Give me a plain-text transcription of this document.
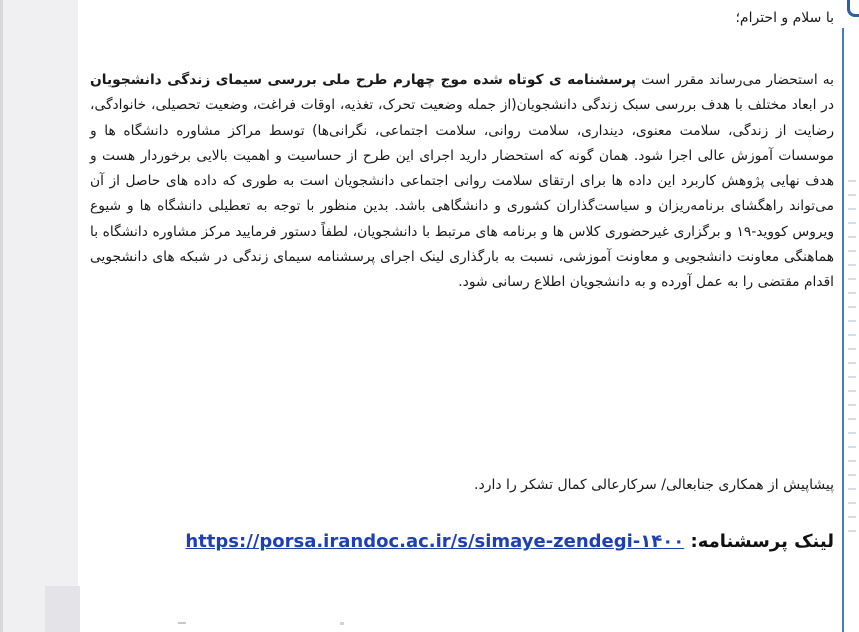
با سلام و احترام؛

به استحضار می‌رساند مقرر است پرسشنامه ی کوتاه شده موج چهارم طرح ملی بررسی سیمای زندگی دانشجویان در ابعاد مختلف با هدف بررسی سبک زندگی دانشجویان(از جمله وضعیت تحرک، تغذیه، اوقات فراغت، وضعیت تحصیلی، خانوادگی، رضایت از زندگی، سلامت معنوی، دینداری، سلامت روانی، سلامت اجتماعی، نگرانی‌ها) توسط مراکز مشاوره دانشگاه ها و موسسات آموزش عالی اجرا شود. همان گونه که استحضار دارید اجرای این طرح از حساسیت و اهمیت بالایی برخوردار هست و هدف نهایی پژوهش کاربرد این داده ها برای ارتقای سلامت روانی اجتماعی دانشجویان است به طوری که داده های حاصل از آن می‌تواند راهگشای برنامه‌ریزان و سیاست‌گذاران کشوری و دانشگاهی باشد. بدین منظور با توجه به تعطیلی دانشگاه ها و شیوع ویروس کووید-۱۹ و برگزاری غیرحضوری کلاس ها و برنامه های مرتبط با دانشجویان، لطفاً دستور فرمایید مرکز مشاوره دانشگاه با هماهنگی معاونت دانشجویی و معاونت آموزشی، نسبت به بارگذاری لینک اجرای پرسشنامه سیمای زندگی در شبکه های دانشجویی اقدام مقتضی را به عمل آورده و به دانشجویان اطلاع رسانی شود.

پیشاپیش از همکاری جنابعالی/ سرکارعالی کمال تشکر را دارد.
لینک پرسشنامه: https://porsa.irandoc.ac.ir/s/simaye-zendegi-۱۴۰۰
